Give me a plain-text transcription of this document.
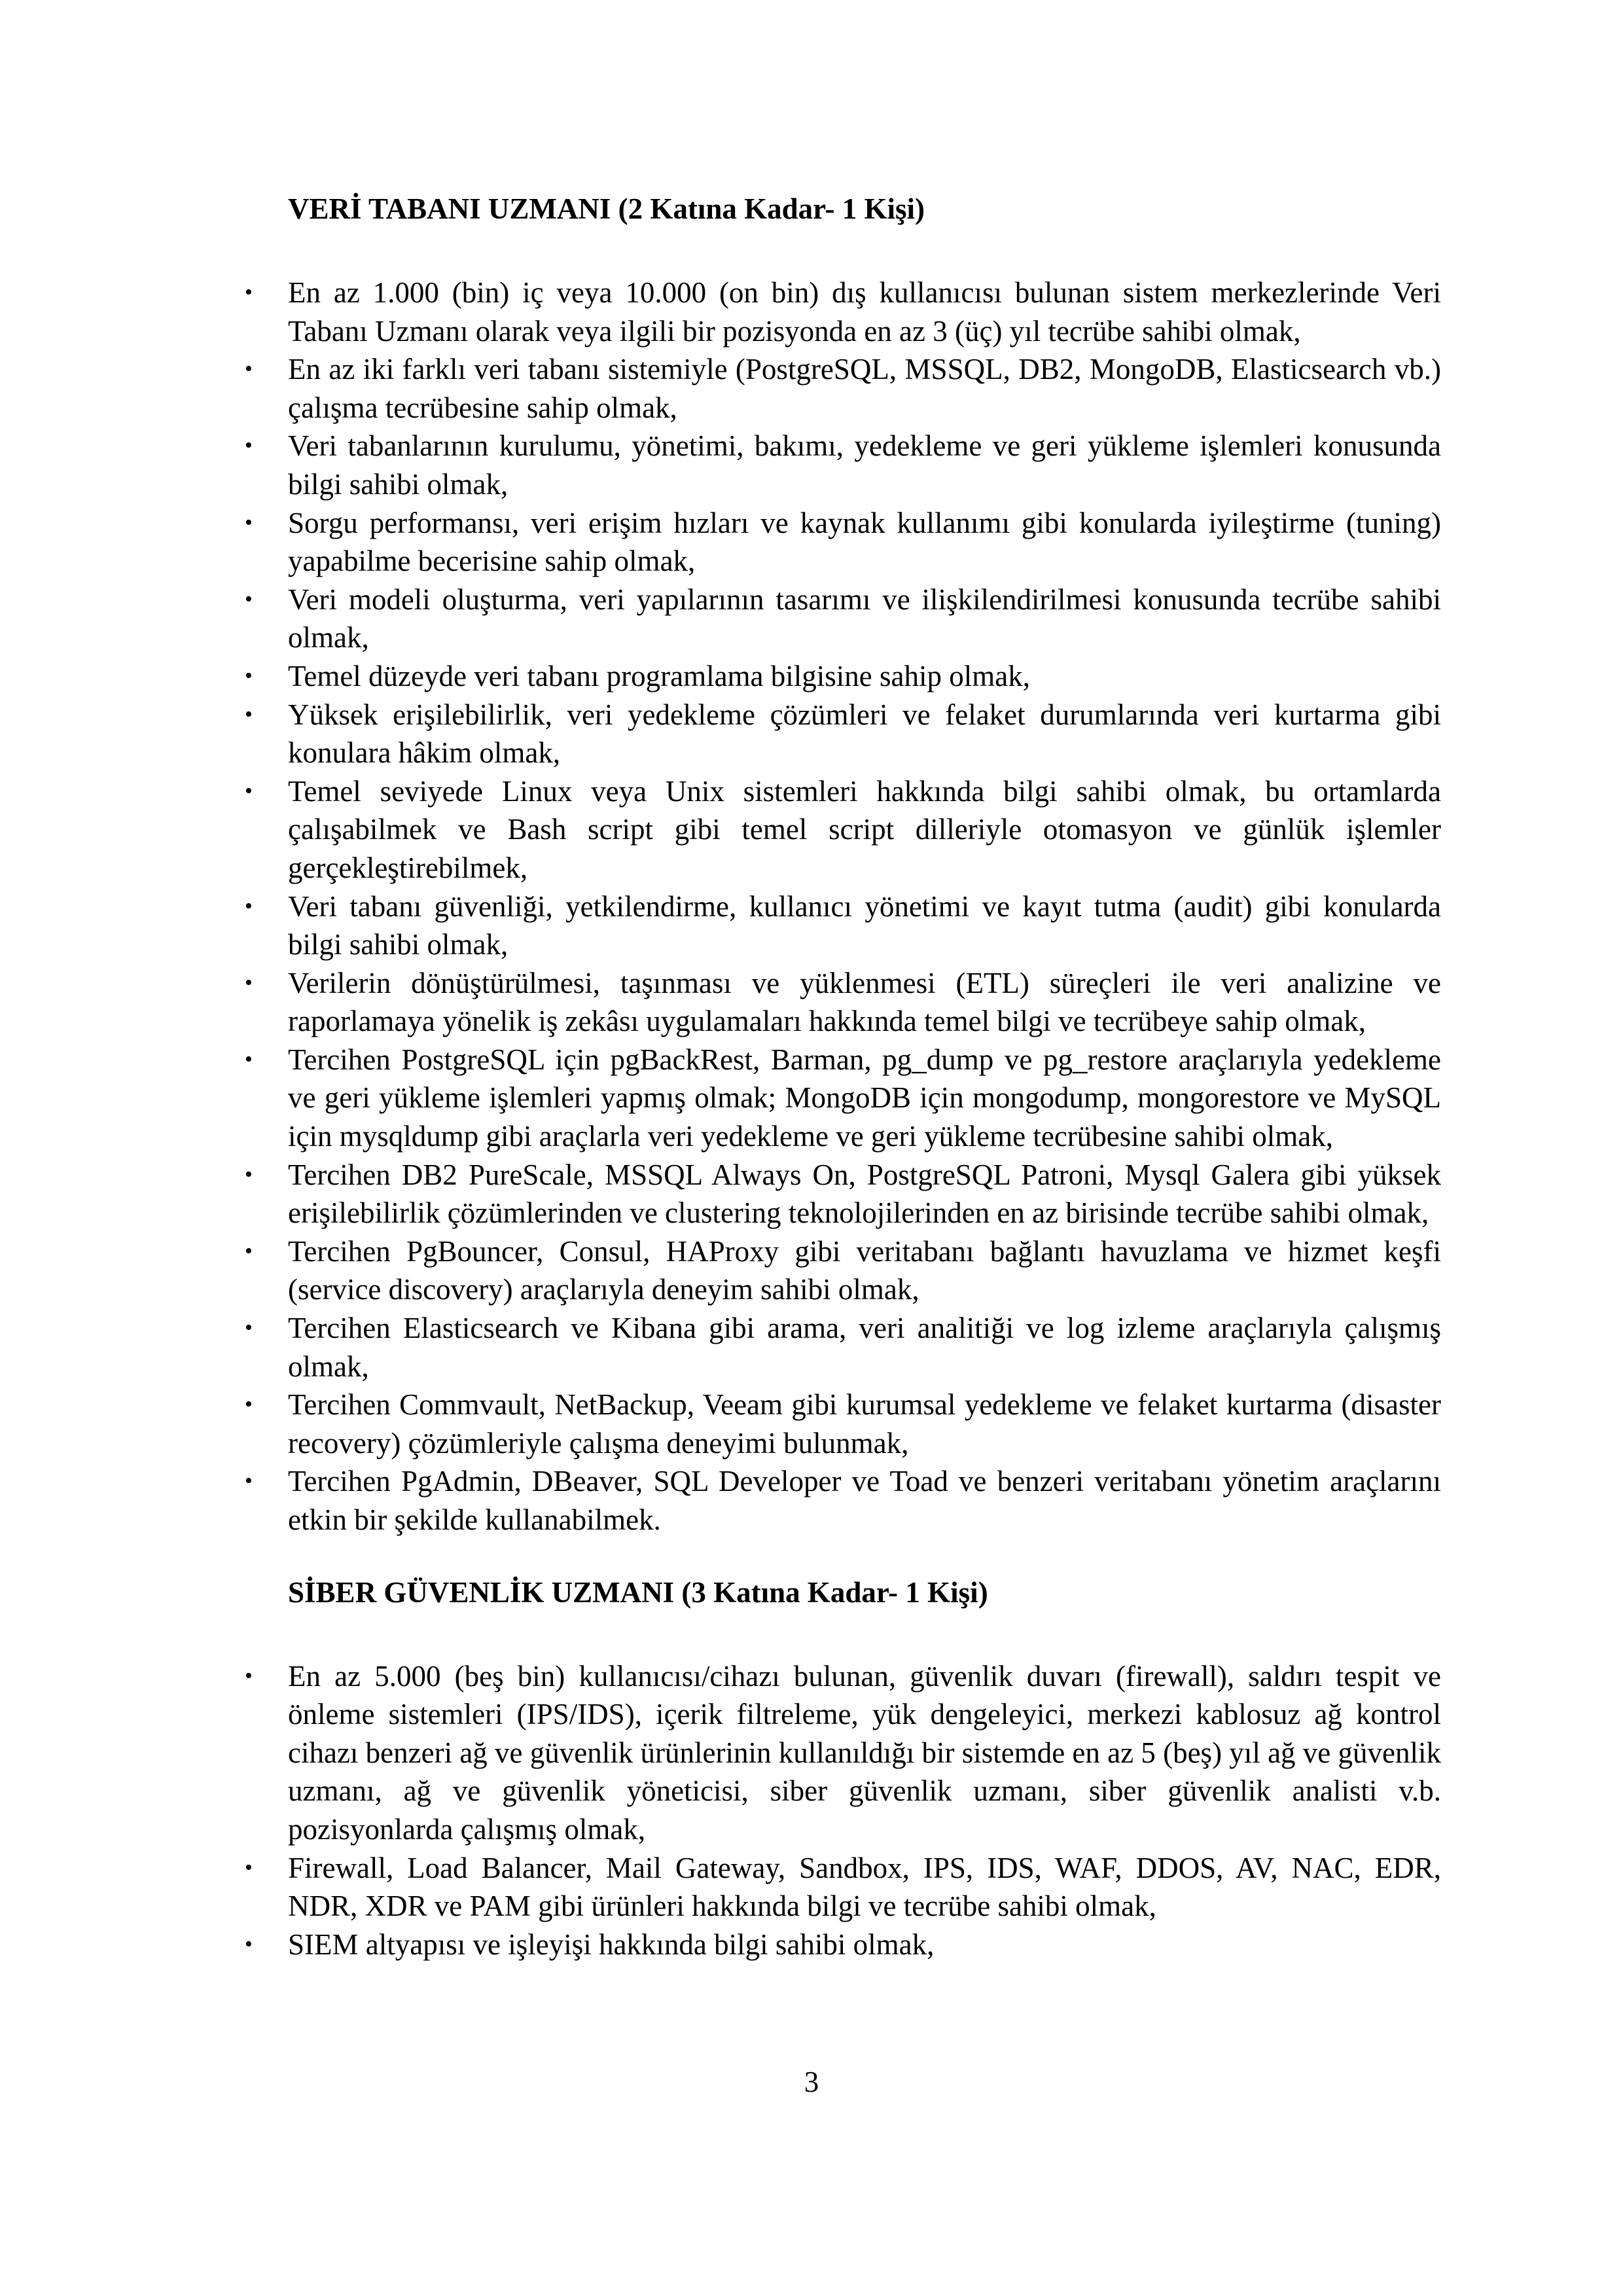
VERİ TABANI UZMANI (2 Katına Kadar- 1 Kişi)

• En az 1.000 (bin) iç veya 10.000 (on bin) dış kullanıcısı bulunan sistem merkezlerinde Veri Tabanı Uzmanı olarak veya ilgili bir pozisyonda en az 3 (üç) yıl tecrübe sahibi olmak,
• En az iki farklı veri tabanı sistemiyle (PostgreSQL, MSSQL, DB2, MongoDB, Elasticsearch vb.) çalışma tecrübesine sahip olmak,
• Veri tabanlarının kurulumu, yönetimi, bakımı, yedekleme ve geri yükleme işlemleri konusunda bilgi sahibi olmak,
• Sorgu performansı, veri erişim hızları ve kaynak kullanımı gibi konularda iyileştirme (tuning) yapabilme becerisine sahip olmak,
• Veri modeli oluşturma, veri yapılarının tasarımı ve ilişkilendirilmesi konusunda tecrübe sahibi olmak,
• Temel düzeyde veri tabanı programlama bilgisine sahip olmak,
• Yüksek erişilebilirlik, veri yedekleme çözümleri ve felaket durumlarında veri kurtarma gibi konulara hâkim olmak,
• Temel seviyede Linux veya Unix sistemleri hakkında bilgi sahibi olmak, bu ortamlarda çalışabilmek ve Bash script gibi temel script dilleriyle otomasyon ve günlük işlemler gerçekleştirebilmek,
• Veri tabanı güvenliği, yetkilendirme, kullanıcı yönetimi ve kayıt tutma (audit) gibi konularda bilgi sahibi olmak,
• Verilerin dönüştürülmesi, taşınması ve yüklenmesi (ETL) süreçleri ile veri analizine ve raporlamaya yönelik iş zekâsı uygulamaları hakkında temel bilgi ve tecrübeye sahip olmak,
• Tercihen PostgreSQL için pgBackRest, Barman, pg_dump ve pg_restore araçlarıyla yedekleme ve geri yükleme işlemleri yapmış olmak; MongoDB için mongodump, mongorestore ve MySQL için mysqldump gibi araçlarla veri yedekleme ve geri yükleme tecrübesine sahibi olmak,
• Tercihen DB2 PureScale, MSSQL Always On, PostgreSQL Patroni, Mysql Galera gibi yüksek erişilebilirlik çözümlerinden ve clustering teknolojilerinden en az birisinde tecrübe sahibi olmak,
• Tercihen PgBouncer, Consul, HAProxy gibi veritabanı bağlantı havuzlama ve hizmet keşfi (service discovery) araçlarıyla deneyim sahibi olmak,
• Tercihen Elasticsearch ve Kibana gibi arama, veri analitiği ve log izleme araçlarıyla çalışmış olmak,
• Tercihen Commvault, NetBackup, Veeam gibi kurumsal yedekleme ve felaket kurtarma (disaster recovery) çözümleriyle çalışma deneyimi bulunmak,
• Tercihen PgAdmin, DBeaver, SQL Developer ve Toad ve benzeri veritabanı yönetim araçlarını etkin bir şekilde kullanabilmek.

SİBER GÜVENLİK UZMANI (3 Katına Kadar- 1 Kişi)

• En az 5.000 (beş bin) kullanıcısı/cihazı bulunan, güvenlik duvarı (firewall), saldırı tespit ve önleme sistemleri (IPS/IDS), içerik filtreleme, yük dengeleyici, merkezi kablosuz ağ kontrol cihazı benzeri ağ ve güvenlik ürünlerinin kullanıldığı bir sistemde en az 5 (beş) yıl ağ ve güvenlik uzmanı, ağ ve güvenlik yöneticisi, siber güvenlik uzmanı, siber güvenlik analisti v.b. pozisyonlarda çalışmış olmak,
• Firewall, Load Balancer, Mail Gateway, Sandbox, IPS, IDS, WAF, DDOS, AV, NAC, EDR, NDR, XDR ve PAM gibi ürünleri hakkında bilgi ve tecrübe sahibi olmak,
• SIEM altyapısı ve işleyişi hakkında bilgi sahibi olmak,
3
